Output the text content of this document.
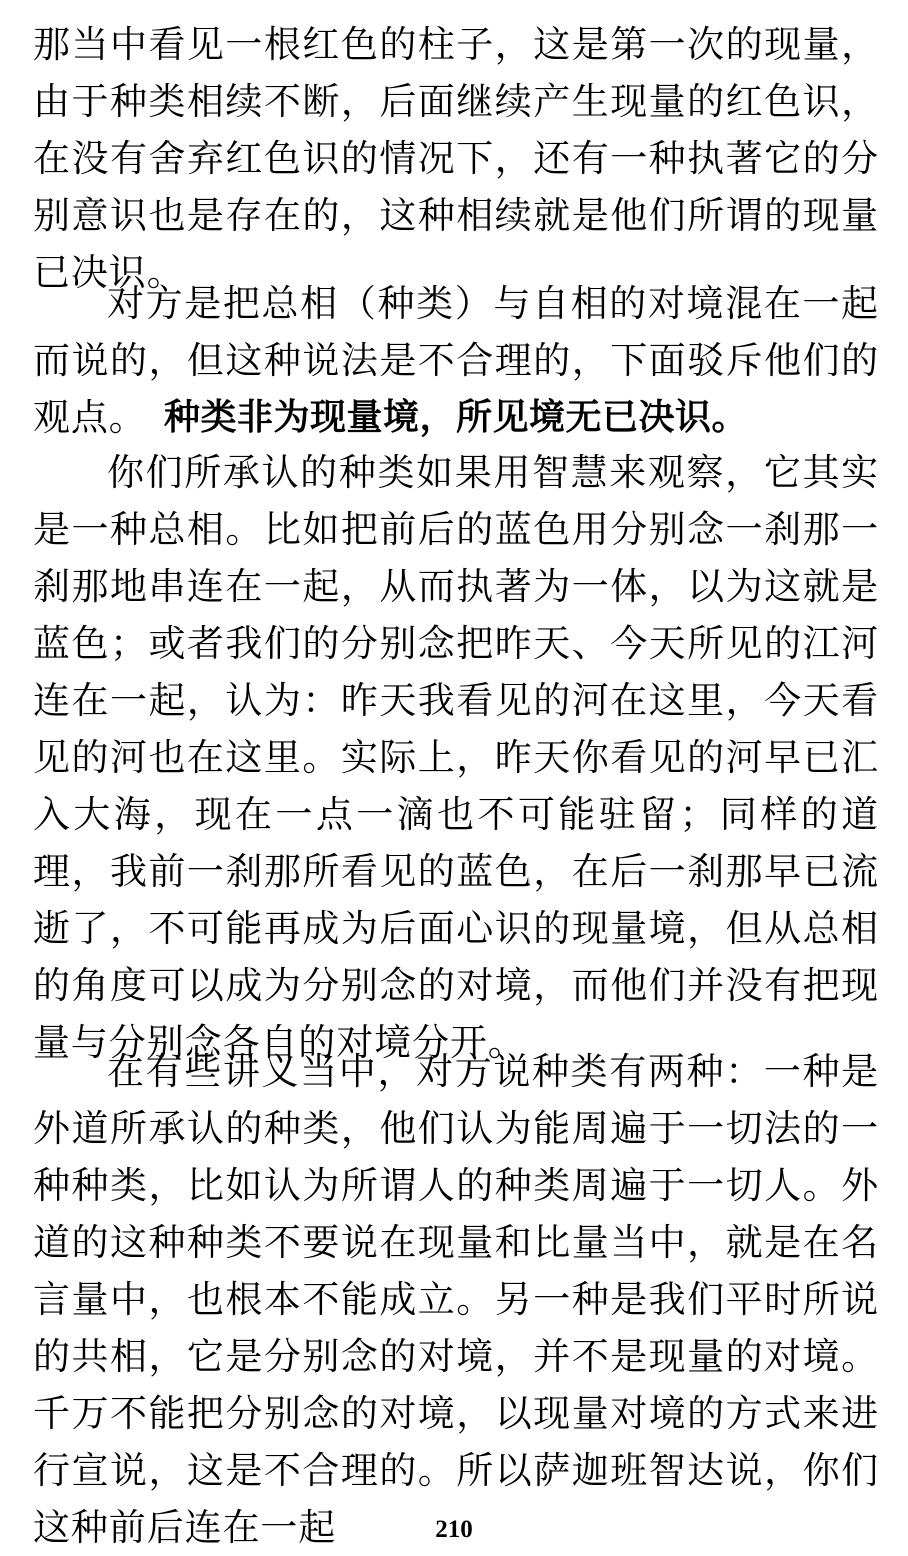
那当中看见一根红色的柱子，这是第一次的现量，由于种类相续不断，后面继续产生现量的红色识，在没有舍弃红色识的情况下，还有一种执著它的分别意识也是存在的，这种相续就是他们所谓的现量已决识。

对方是把总相（种类）与自相的对境混在一起而说的，但这种说法是不合理的，下面驳斥他们的观点。 种类非为现量境，所见境无已决识。

你们所承认的种类如果用智慧来观察，它其实是一种总相。比如把前后的蓝色用分别念一刹那一刹那地串连在一起，从而执著为一体，以为这就是蓝色；或者我们的分别念把昨天、今天所见的江河连在一起，认为：昨天我看见的河在这里，今天看见的河也在这里。实际上，昨天你看见的河早已汇入大海，现在一点一滴也不可能驻留；同样的道理，我前一刹那所看见的蓝色，在后一刹那早已流逝了，不可能再成为后面心识的现量境，但从总相的角度可以成为分别念的对境，而他们并没有把现量与分别念各自的对境分开。

在有些讲义当中，对方说种类有两种：一种是外道所承认的种类，他们认为能周遍于一切法的一种种类，比如认为所谓人的种类周遍于一切人。外道的这种种类不要说在现量和比量当中，就是在名言量中，也根本不能成立。另一种是我们平时所说的共相，它是分别念的对境，并不是现量的对境。千万不能把分别念的对境，以现量对境的方式来进行宣说，这是不合理的。所以萨迦班智达说，你们这种前后连在一起	210
